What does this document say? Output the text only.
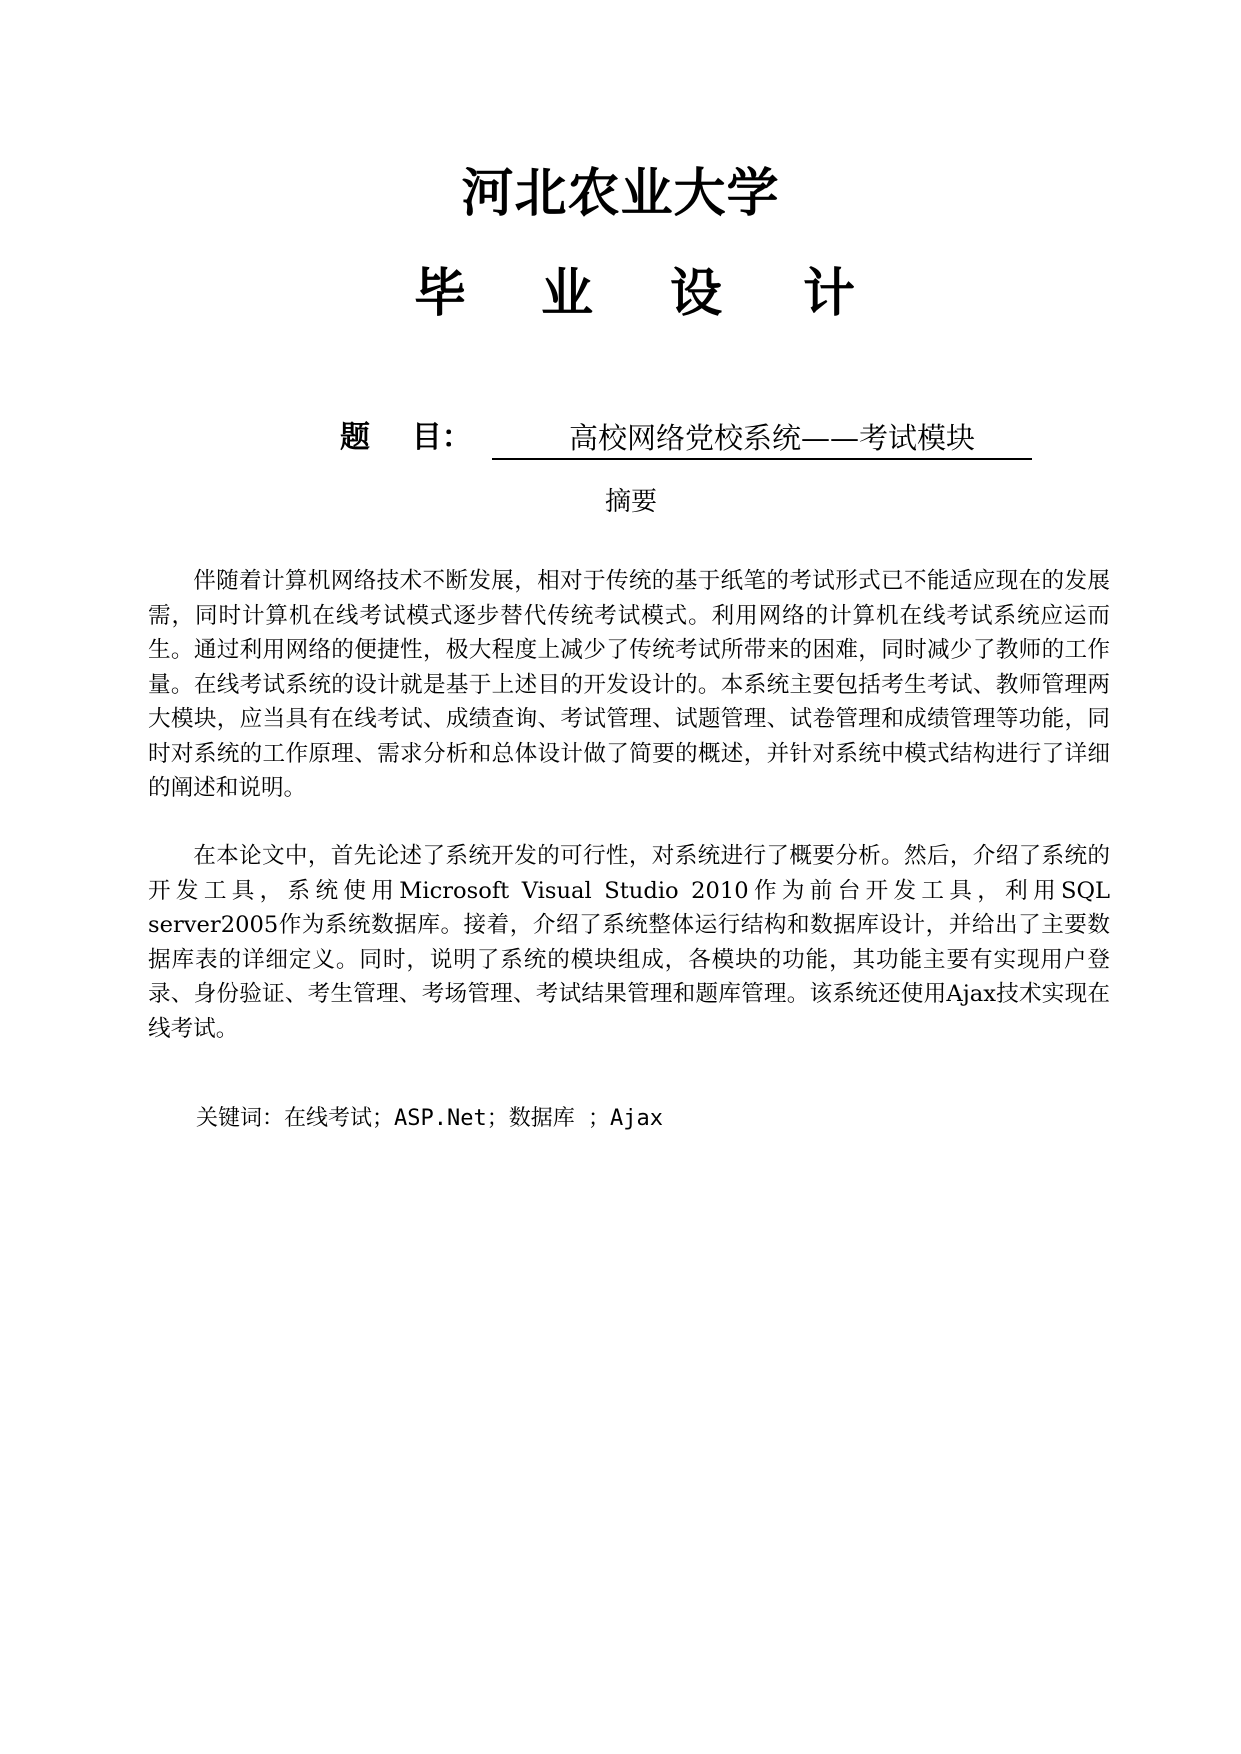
河北农业大学
毕 业 设 计
题    目：	高校网络党校系统——考试模块
摘要

伴随着计算机网络技术不断发展，相对于传统的基于纸笔的考试形式已不能适应现在的发展需，同时计算机在线考试模式逐步替代传统考试模式。利用网络的计算机在线考试系统应运而生。通过利用网络的便捷性，极大程度上减少了传统考试所带来的困难，同时减少了教师的工作量。在线考试系统的设计就是基于上述目的开发设计的。本系统主要包括考生考试、教师管理两大模块，应当具有在线考试、成绩查询、考试管理、试题管理、试卷管理和成绩管理等功能，同时对系统的工作原理、需求分析和总体设计做了简要的概述，并针对系统中模式结构进行了详细的阐述和说明。

在本论文中，首先论述了系统开发的可行性，对系统进行了概要分析。然后，介绍了系统的开发工具，系统使用Microsoft Visual Studio 2010作为前台开发工具，利用SQL server2005作为系统数据库。接着，介绍了系统整体运行结构和数据库设计，并给出了主要数据库表的详细定义。同时，说明了系统的模块组成，各模块的功能，其功能主要有实现用户登录、身份验证、考生管理、考场管理、考试结果管理和题库管理。该系统还使用Ajax技术实现在线考试。

关键词：在线考试；ASP.Net；数据库 ；Ajax
